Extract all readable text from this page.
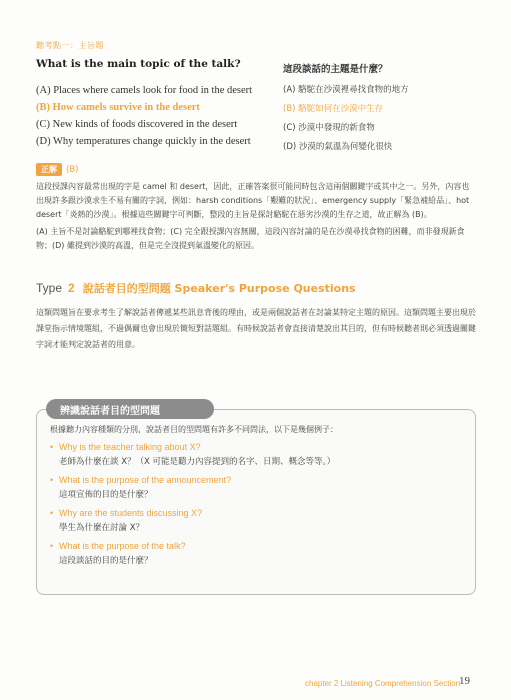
聽考點一：主旨題
What is the main topic of the talk?
(A) Places where camels look for food in the desert
(B) How camels survive in the desert
(C) New kinds of foods discovered in the desert
(D) Why temperatures change quickly in the desert
這段談話的主題是什麼？
(A) 駱駝在沙漠裡尋找食物的地方
(B) 駱駝如何在沙漠中生存
(C) 沙漠中發現的新食物
(D) 沙漠的氣溫為何變化很快
正解	(B)

這段授課內容最常出現的字是 camel 和 desert，因此，正確答案很可能同時包含這兩個關鍵字或其中之一。另外，內容也出現許多跟沙漠求生不易有關的字詞，例如：harsh conditions「艱難的狀況」、emergency supply「緊急補給品」、hot desert「炎熱的沙漠」。根據這些關鍵字可判斷，整段的主旨是探討駱駝在惡劣沙漠的生存之道，故正解為 (B)。

(A) 主旨不是討論駱駝到哪裡找食物；(C) 完全跟授課內容無關，這段內容討論的是在沙漠尋找食物的困難，而非發現新食物；(D) 雖提到沙漠的高溫，但是完全沒提到氣溫變化的原因。

Type 2 說話者目的型問題 Speaker's Purpose Questions
這類問題旨在要求考生了解說話者傳遞某些訊息背後的理由，或是兩個說話者在討論某特定主題的原因。這類問題主要出現於課堂指示情境題組，不過偶爾也會出現於簡短對話題組。有時候說話者會直接清楚說出其目的，但有時候聽者則必須透過關鍵字詞才能判定說話者的用意。
辨識說話者目的型問題
根據聽力內容種類的分別，說話者目的型問題有許多不同問法，以下是幾個例子：
• Why is the teacher talking about X?
老師為什麼在談 X？（X 可能是聽力內容提到的名字、日期、概念等等。）
• What is the purpose of the announcement?
這項宣佈的目的是什麼？
• Why are the students discussing X?
學生為什麼在討論 X？
• What is the purpose of the talk?
這段談話的目的是什麼？
chapter 2 Listening Comprehension Section
19
